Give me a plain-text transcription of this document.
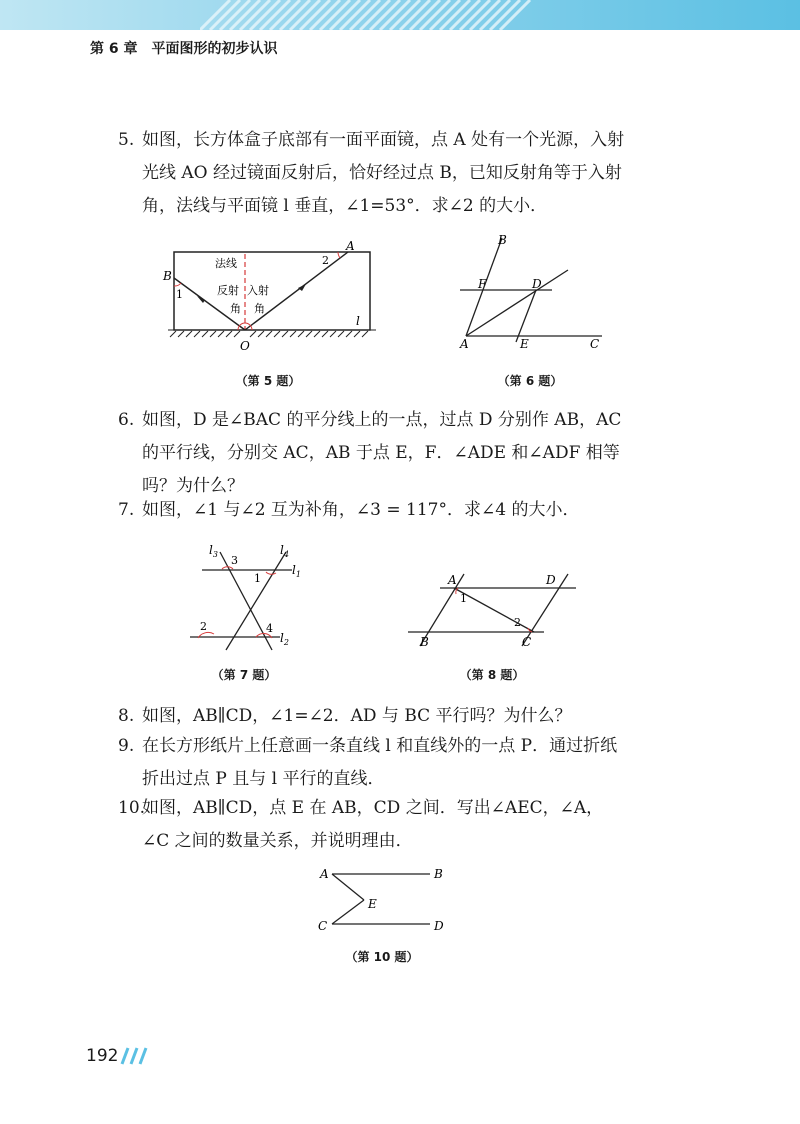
第 6 章　平面图形的初步认识
5. 如图，长方体盒子底部有一面平面镜，点 A 处有一个光源，入射
光线 AO 经过镜面反射后，恰好经过点 B，已知反射角等于入射
角，法线与平面镜 l 垂直，∠1=53°．求∠2 的大小．
A
B
O
l
1
2
法线
反射
角
入射
角
（第 5 题）
B
F	D
A	E	C
（第 6 题）
6. 如图，D 是∠BAC 的平分线上的一点，过点 D 分别作 AB，AC
的平行线，分别交 AC，AB 于点 E，F．∠ADE 和∠ADF 相等
吗？为什么？
7. 如图，∠1 与∠2 互为补角，∠3 = 117°．求∠4 的大小．
$l_3$ 3
$l_4$
1
$l_1$
2	4
$l_2$
（第 7 题）
A	D
B	C
1
2
（第 8 题）
8. 如图，AB∥CD，∠1=∠2．AD 与 BC 平行吗？为什么？
9. 在长方形纸片上任意画一条直线 l 和直线外的一点 P．通过折纸
折出过点 P 且与 l 平行的直线．
10.
如图，AB∥CD，点 E 在 AB，CD 之间．写出∠AEC，∠A，
∠C 之间的数量关系，并说明理由．
A	B
E
C	D
（第 10 题）
192
